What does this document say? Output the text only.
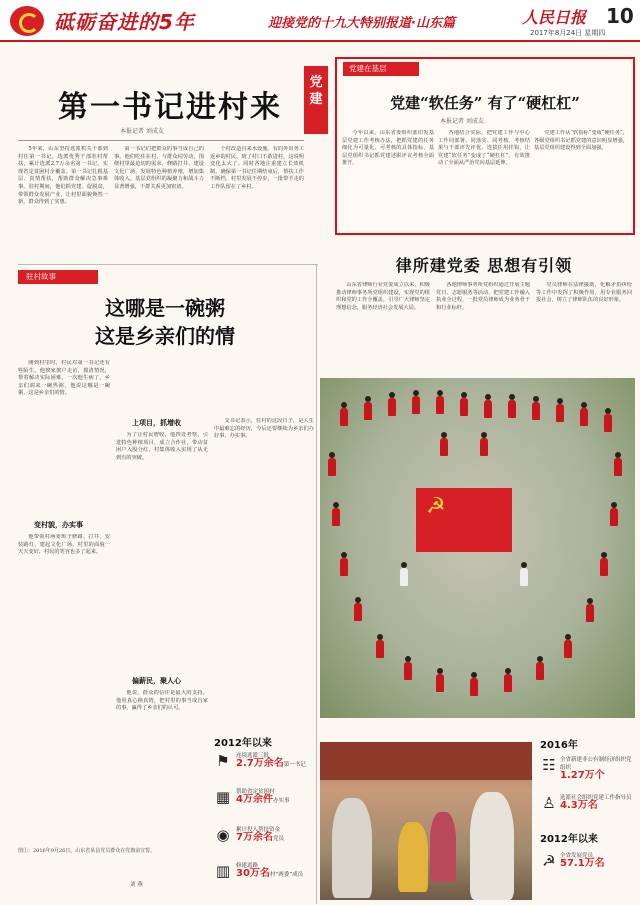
砥砺奋进的5年	迎接党的十九大特别报道·山东篇	人民日报 10
2017年8月24日 星期四
党建
第一书记进村来
本报记者 刘成友

5年来，山东坚持选派机关干部到村任第一书记，选派优秀干部驻村帮扶，累计选派2.7万余名第一书记，实现省定贫困村全覆盖。第一书记扎根基层、真情帮扶，帮助群众解决急事难事。驻村期间，他们抓党建、促脱贫，带领群众发展产业，让村里面貌焕然一新，群众得到了实惠。

第一书记们把群众的事当成自己的事。他们吃住在村，与群众同劳动，围绕村里最迫切的需求，修路打井、建设文化广场，发展特色种植养殖，增加集体收入。基层党组织的凝聚力和战斗力显著增强，干群关系更加密切。

个村改造自来水设施。有的外出务工返乡的村民，到了村口不敢进村，这说明变化太大了。同时各地注重建立长效机制，确保第一书记任期结束后，帮扶工作不断档、村里发展不停步，一批带不走的工作队留在了乡村。

党建在基层
党建“软任务” 有了“硬杠杠”
本报记者 刘成友

今年以来，山东省委组织部印发基层党建工作考核办法，把抓党建的任务细化为可量化、可考核的具体指标，基层党组织书记抓党建述职评议考核全面推开。

各地结合实际，把党建工作与中心工作同部署、同落实、同考核。考核结果与干部评先评优、选拔任用挂钩，让党建“软任务”变成了“硬杠杠”，有效推动了全面从严治党向基层延伸。

党建工作从“软指标”变成“硬任务”，各级党组织书记抓党建的意识明显增强，基层党组织建设得到全面加强。

律所建党委 思想有引领

山东省律师行业党委成立以来，积极推动律师事务所党组织建设，实现党的组织和党的工作全覆盖，引导广大律师坚定理想信念，服务经济社会发展大局。

各地律师事务所党组织通过开展主题党日、志愿服务等活动，把党建工作融入执业全过程，一批党员律师成为业务骨干和行业标杆。

党员律师在法律援助、化解矛盾纠纷等工作中发挥了积极作用，用专业服务回报社会，树立了律师队伍的良好形象。

驻村故事
这哪是一碗粥
这是乡亲们的情

刚到村里时，村民对第一书记还有些陌生。他挨家挨户走访，摸清情况，帮着解决实际困难。一次他生病了，乡亲们端来一碗热粥，他说这哪是一碗粥，这是乡亲们的情。

变村貌，办实事

他带领村两委班子修路、打井、安装路灯，建起文化广场，村里的面貌一天天变好，村民的笑容也多了起来。

上项目，抓增收

为了让村民增收，他四处考察，引进特色种植项目，成立合作社，带动贫困户入股分红，村集体收入实现了从无到有的突破。

偏薪民，聚人心

他说，群众的信任是最大的支持。他用真心换真情，把村里的事当成自家的事，赢得了乡亲们的认可。

支书记表示，驻村的这段日子，是人生中最难忘的经历，今后还要继续为乡亲们办好事、办实事。

图①：2016年9月26日，山东省某县党员群众在党旗前宣誓。
刘 燕
☭
2012年以来
⚑	连续选派三批
2.7万余名第一书记
▦	帮助省定贫困村
4万余件办实事
◉	累计投入帮扶资金
7万余名党员
▥	修建道路
30万名村“两委”成员
2016年
☷ 全省新建非公有制经济组织党组织
1.27万个
♙ 选派社会组织党建工作指导员
4.3万名
2012年以来
☭ 全省发展党员
57.1万名
